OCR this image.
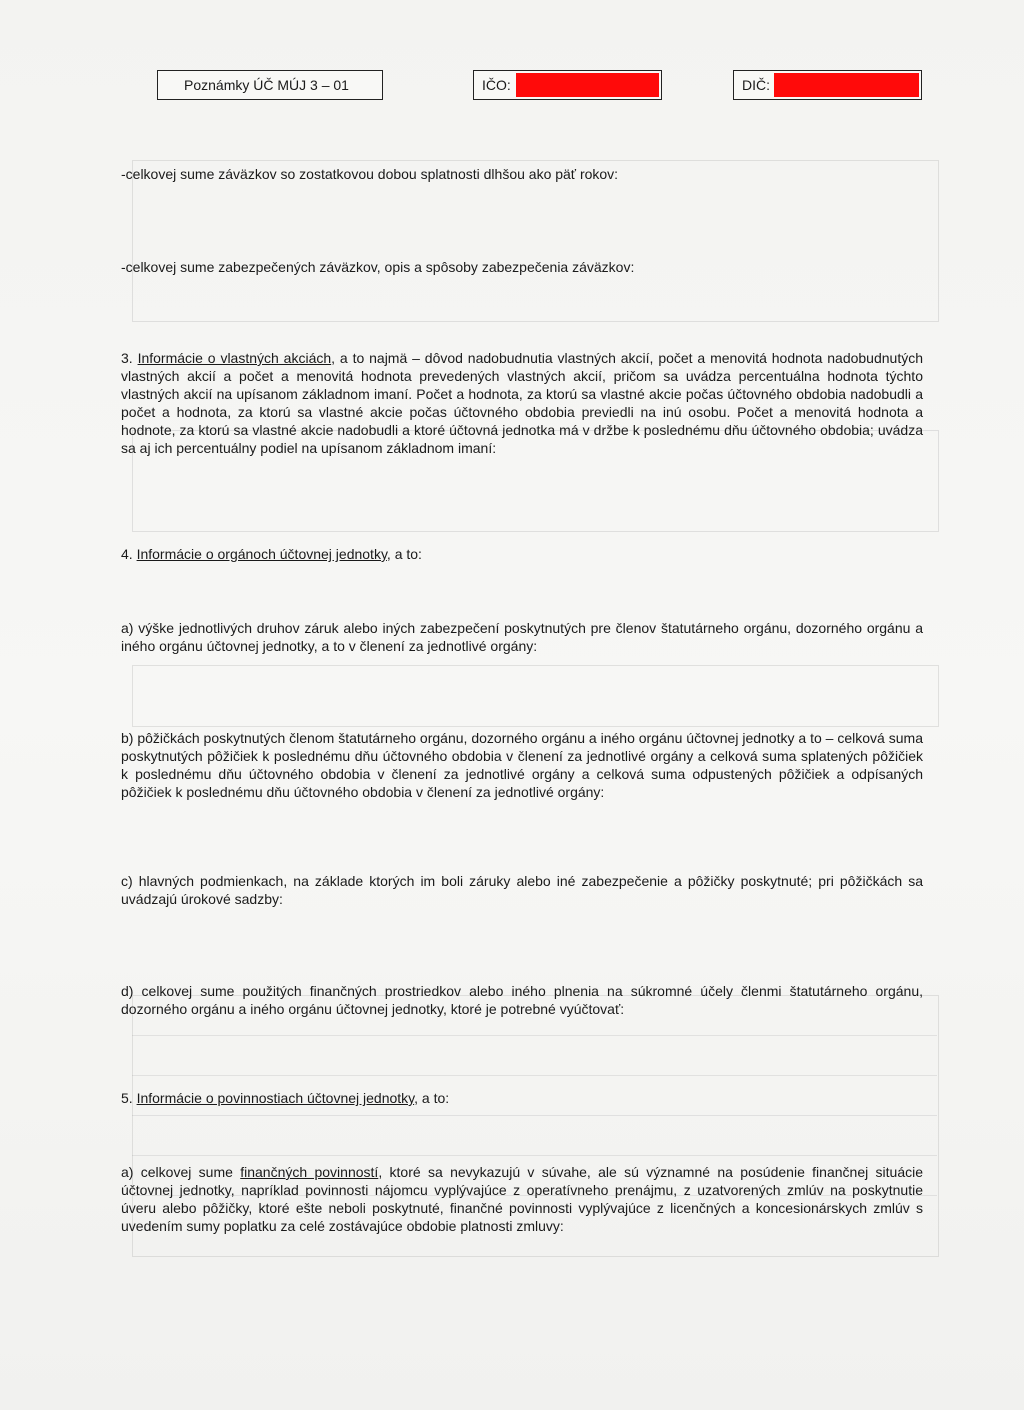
Poznámky ÚČ MÚJ 3 – 01	IČO:	DIČ:
-celkovej sume záväzkov so zostatkovou dobou splatnosti dlhšou ako päť rokov:
-celkovej sume zabezpečených záväzkov, opis a spôsoby zabezpečenia záväzkov:
3. Informácie o vlastných akciách, a to najmä – dôvod nadobudnutia vlastných akcií, počet a menovitá hodnota nadobudnutých vlastných akcií a počet a menovitá hodnota prevedených vlastných akcií, pričom sa uvádza percentuálna hodnota týchto vlastných akcií na upísanom základnom imaní. Počet a hodnota, za ktorú sa vlastné akcie počas účtovného obdobia nadobudli a počet a hodnota, za ktorú sa vlastné akcie počas účtovného obdobia previedli na inú osobu. Počet a menovitá hodnota a hodnote, za ktorú sa vlastné akcie nadobudli a ktoré účtovná jednotka má v držbe k poslednému dňu účtovného obdobia; uvádza sa aj ich percentuálny podiel na upísanom základnom imaní:
4. Informácie o orgánoch účtovnej jednotky, a to:
a) výške jednotlivých druhov záruk alebo iných zabezpečení poskytnutých pre členov štatutárneho orgánu, dozorného orgánu a iného orgánu účtovnej jednotky, a to v členení za jednotlivé orgány:
b) pôžičkách poskytnutých členom štatutárneho orgánu, dozorného orgánu a iného orgánu účtovnej jednotky a to – celková suma poskytnutých pôžičiek k poslednému dňu účtovného obdobia v členení za jednotlivé orgány a celková suma splatených pôžičiek k poslednému dňu účtovného obdobia v členení za jednotlivé orgány a celková suma odpustených pôžičiek a odpísaných pôžičiek k poslednému dňu účtovného obdobia v členení za jednotlivé orgány:
c) hlavných podmienkach, na základe ktorých im boli záruky alebo iné zabezpečenie a pôžičky poskytnuté; pri pôžičkách sa uvádzajú úrokové sadzby:
d) celkovej sume použitých finančných prostriedkov alebo iného plnenia na súkromné účely členmi štatutárneho orgánu, dozorného orgánu a iného orgánu účtovnej jednotky, ktoré je potrebné vyúčtovať:
5. Informácie o povinnostiach účtovnej jednotky, a to:
a) celkovej sume finančných povinností, ktoré sa nevykazujú v súvahe, ale sú významné na posúdenie finančnej situácie účtovnej jednotky, napríklad povinnosti nájomcu vyplývajúce z operatívneho prenájmu, z uzatvorených zmlúv na poskytnutie úveru alebo pôžičky, ktoré ešte neboli poskytnuté, finančné povinnosti vyplývajúce z licenčných a koncesionárskych zmlúv s uvedením sumy poplatku za celé zostávajúce obdobie platnosti zmluvy:
